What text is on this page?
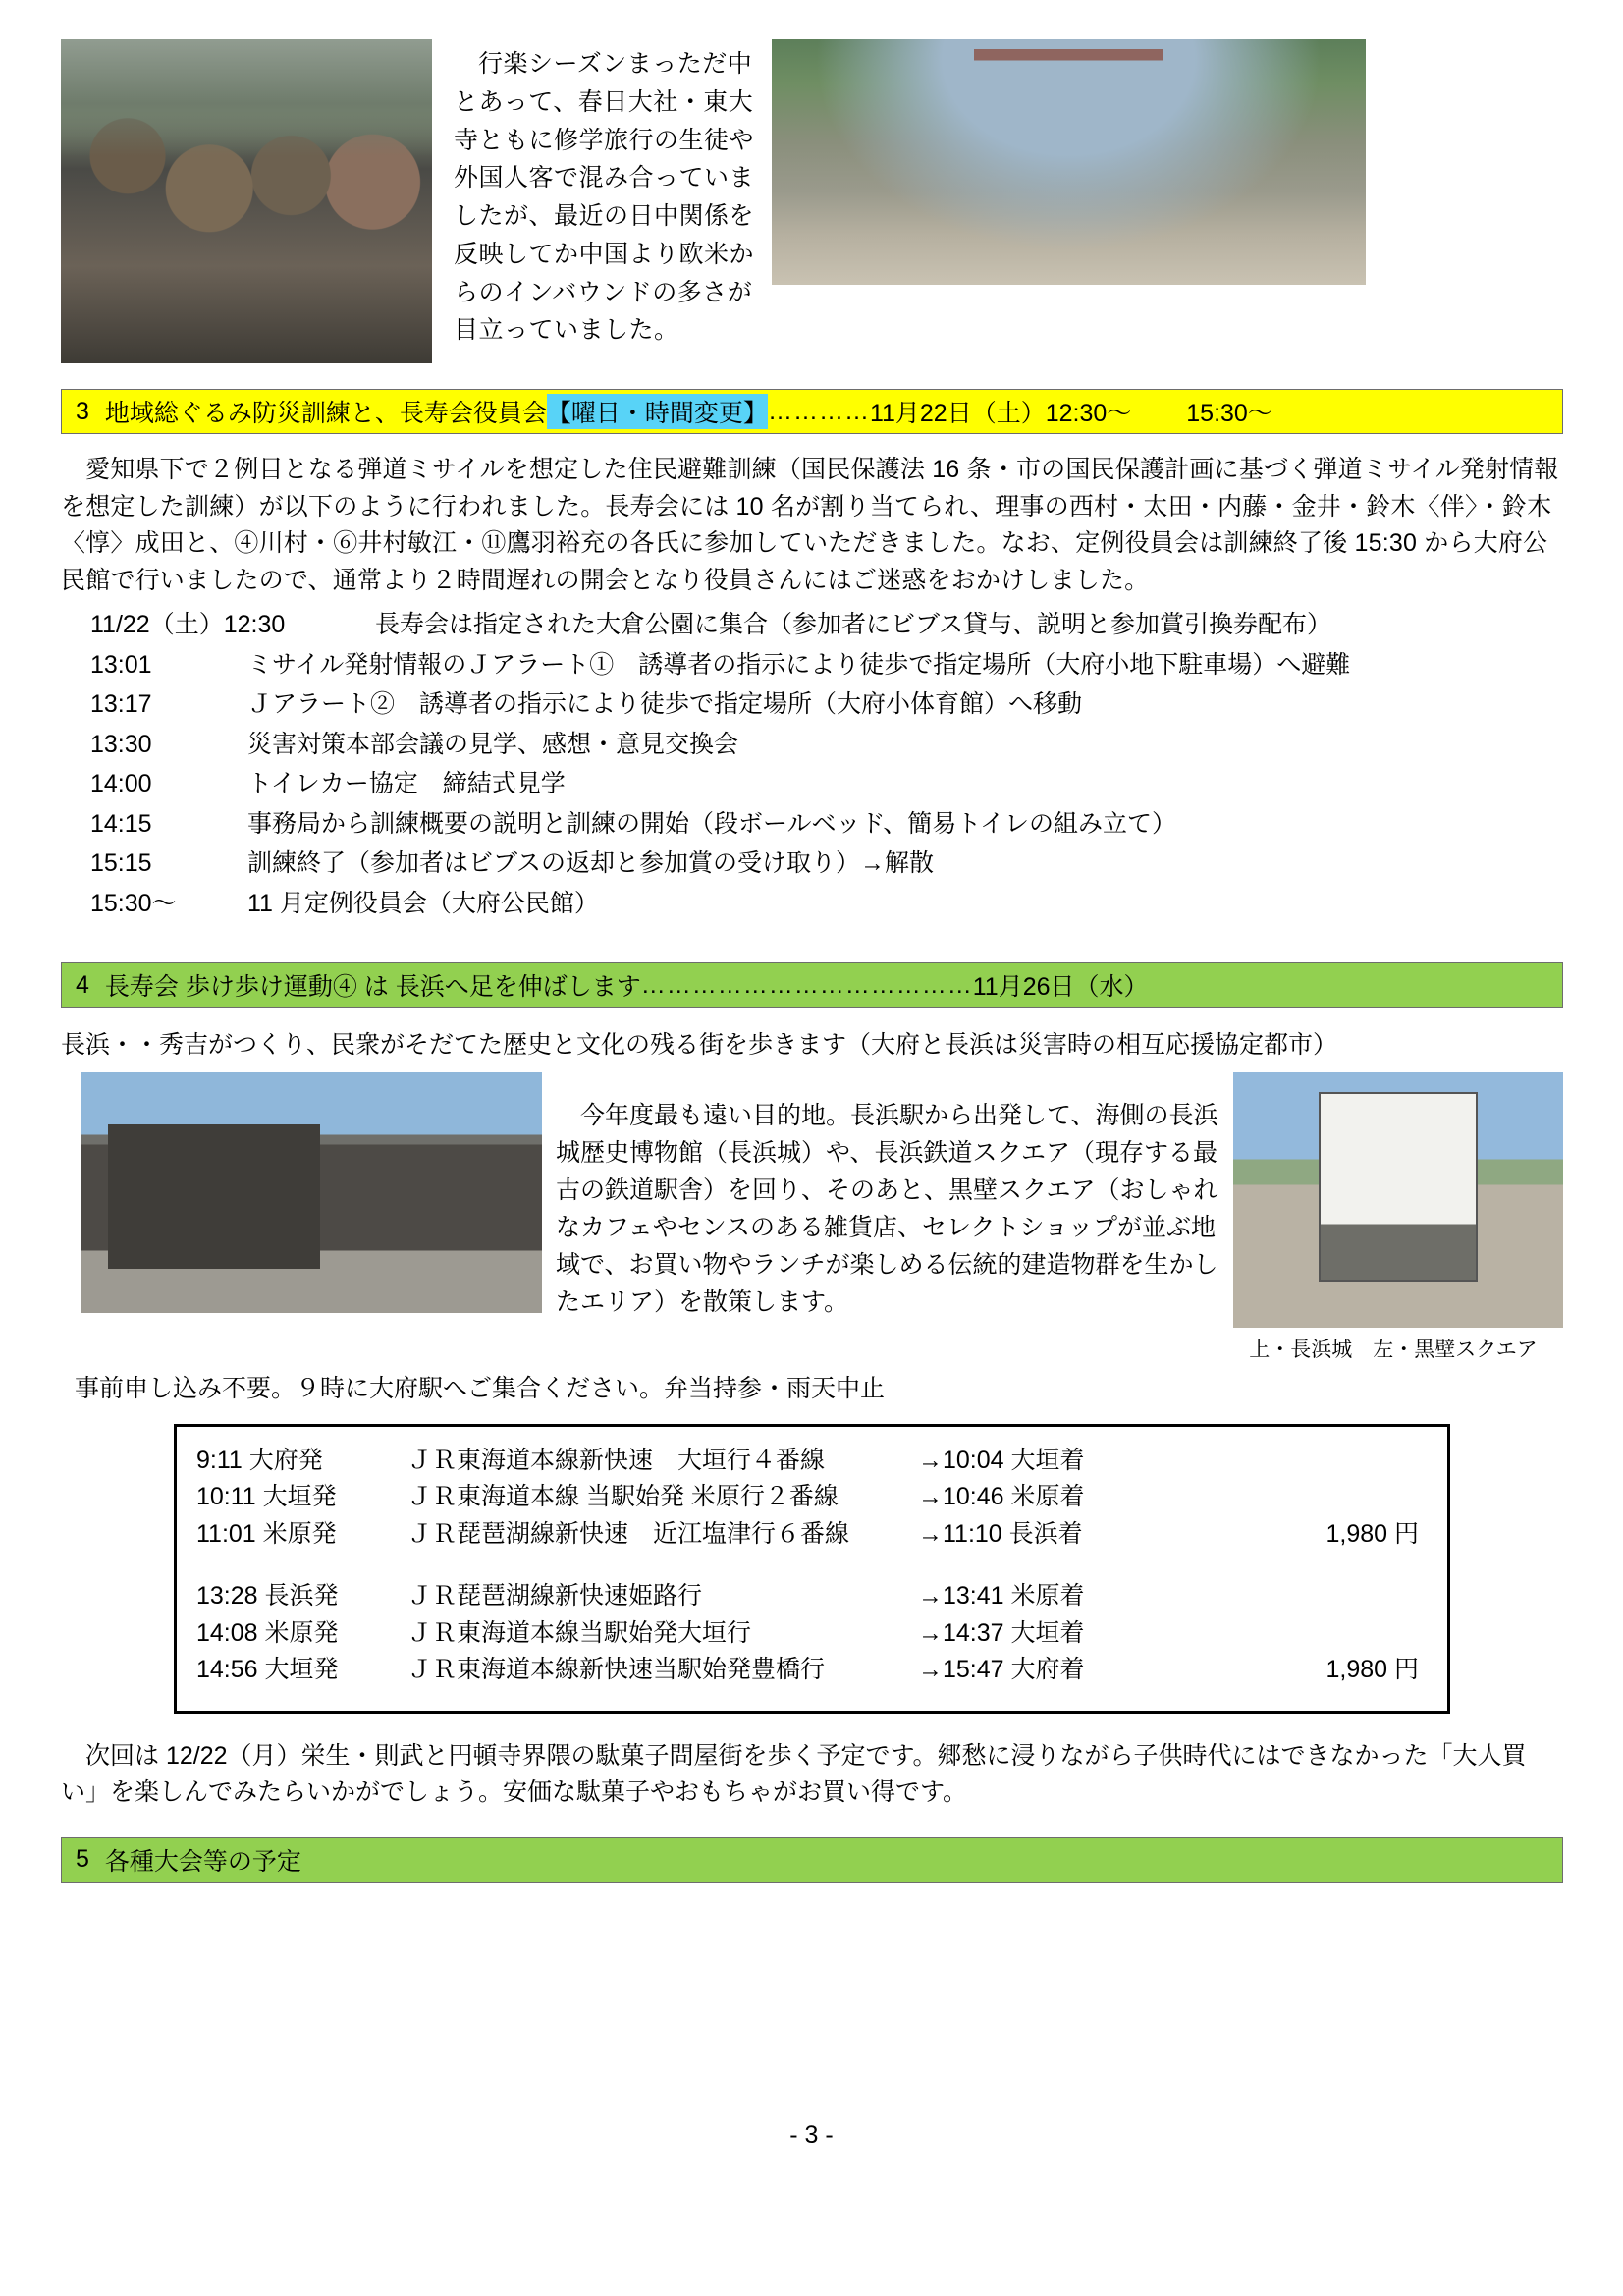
行楽シーズンまっただ中とあって、春日大社・東大寺ともに修学旅行の生徒や外国人客で混み合っていましたが、最近の日中関係を反映してか中国より欧米からのインバウンドの多さが目立っていました。

3 地域総ぐるみ防災訓練と、長寿会役員会 【曜日・時間変更】 ………… 11月22日（土）12:30～ 15:30～

愛知県下で２例目となる弾道ミサイルを想定した住民避難訓練（国民保護法 16 条・市の国民保護計画に基づく弾道ミサイル発射情報を想定した訓練）が以下のように行われました。長寿会には 10 名が割り当てられ、理事の西村・太田・内藤・金井・鈴木〈伴〉・鈴木〈惇〉成田と、④川村・⑥井村敏江・⑪鷹羽裕充の各氏に参加していただきました。なお、定例役員会は訓練終了後 15:30 から大府公民館で行いましたので、通常より２時間遅れの開会となり役員さんにはご迷惑をおかけしました。

11/22（土）12:30	長寿会は指定された大倉公園に集合（参加者にビブス貸与、説明と参加賞引換券配布）
13:01	ミサイル発射情報のＪアラート①　誘導者の指示により徒歩で指定場所（大府小地下駐車場）へ避難
13:17	Ｊアラート②　誘導者の指示により徒歩で指定場所（大府小体育館）へ移動
13:30	災害対策本部会議の見学、感想・意見交換会
14:00	トイレカー協定　締結式見学
14:15	事務局から訓練概要の説明と訓練の開始（段ボールベッド、簡易トイレの組み立て）
15:15	訓練終了（参加者はビブスの返却と参加賞の受け取り）→解散
15:30～	11 月定例役員会（大府公民館）
4 長寿会 歩け歩け運動④ は 長浜へ足を伸ばします ………………………………… 11月26日（水）
長浜・・秀吉がつくり、民衆がそだてた歴史と文化の残る街を歩きます（大府と長浜は災害時の相互応援協定都市）

今年度最も遠い目的地。長浜駅から出発して、海側の長浜城歴史博物館（長浜城）や、長浜鉄道スクエア（現存する最古の鉄道駅舎）を回り、そのあと、黒壁スクエア（おしゃれなカフェやセンスのある雑貨店、セレクトショップが並ぶ地域で、お買い物やランチが楽しめる伝統的建造物群を生かしたエリア）を散策します。

上・長浜城　左・黒壁スクエア
事前申し込み不要。９時に大府駅へご集合ください。弁当持参・雨天中止
9:11 大府発	ＪＲ東海道本線新快速　大垣行４番線	→10:04 大垣着
10:11 大垣発	ＪＲ東海道本線 当駅始発 米原行２番線	→10:46 米原着
11:01 米原発	ＪＲ琵琶湖線新快速　近江塩津行６番線	→11:10 長浜着	1,980 円
13:28 長浜発	ＪＲ琵琶湖線新快速姫路行	→13:41 米原着
14:08 米原発	ＪＲ東海道本線当駅始発大垣行	→14:37 大垣着
14:56 大垣発	ＪＲ東海道本線新快速当駅始発豊橋行	→15:47 大府着	1,980 円

次回は 12/22（月）栄生・則武と円頓寺界隈の駄菓子問屋街を歩く予定です。郷愁に浸りながら子供時代にはできなかった「大人買い」を楽しんでみたらいかがでしょう。安価な駄菓子やおもちゃがお買い得です。

5 各種大会等の予定
- 3 -
